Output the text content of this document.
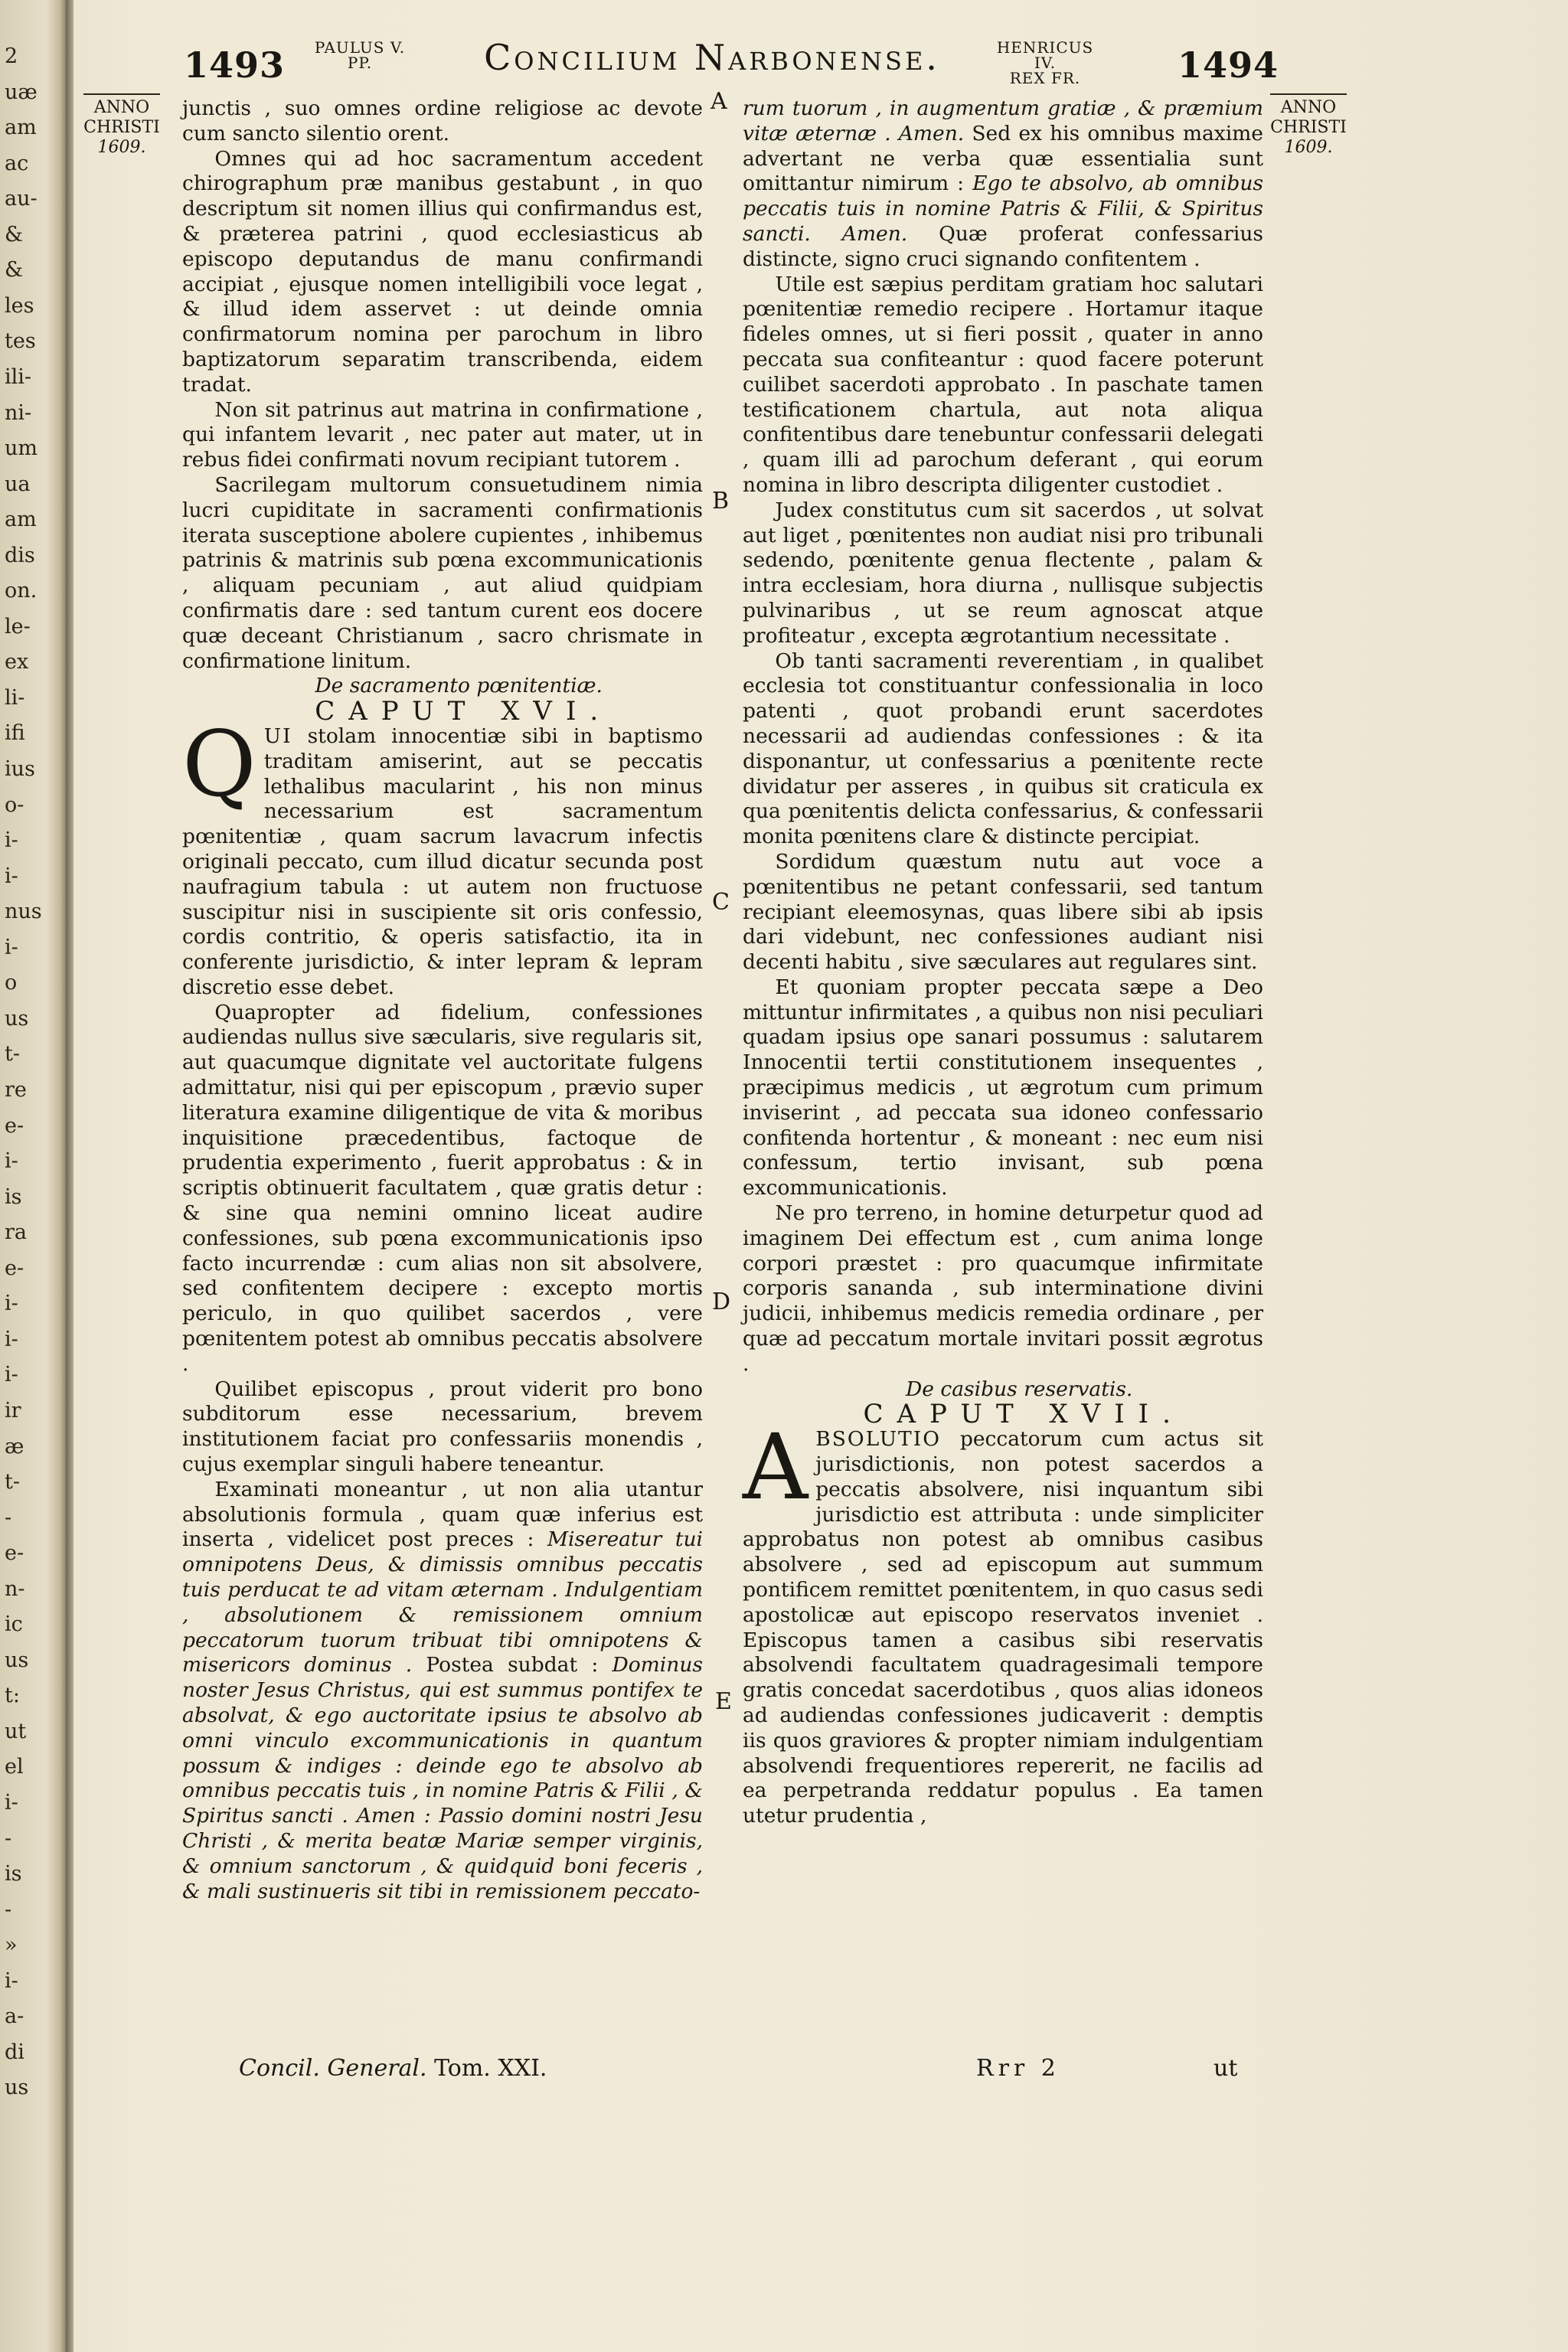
2
uæ
am
ac
au-
&
&
les
tes
ili-
ni-
um
ua
am
dis
on.
le-
ex
li-
ifi
ius
o-
i-
i-
nus
i-
o
us
t-
re
e-
i-
is
ra
e-
i-
i-
i-
ir
æ
t-
-
e-
n-
ic
us
t:
ut
el
i-
-
is
-
»
i-
a-
di
us
1493	PAULUS V.
PP.	Concilium Narbonense.	HENRICUS IV.
REX FR.	1494
ANNO
CHRISTI
1609.
ANNO
CHRISTI
1609.
A
B
C
D
E

junctis , suo omnes ordine religiose ac devote cum sancto silentio orent.

Omnes qui ad hoc sacramentum accedent chirographum præ manibus gestabunt , in quo descriptum sit nomen illius qui confirmandus est, & præterea patrini , quod ecclesiasticus ab episcopo deputandus de manu confirmandi accipiat , ejusque nomen intelligibili voce legat , & illud idem asservet : ut deinde omnia confirmatorum nomina per parochum in libro baptizatorum separatim transcribenda, eidem tradat.

Non sit patrinus aut matrina in confirmatione , qui infantem levarit , nec pater aut mater, ut in rebus fidei confirmati novum recipiant tutorem .

Sacrilegam multorum consuetudinem nimia lucri cupiditate in sacramenti confirmationis iterata susceptione abolere cupientes , inhibemus patrinis & matrinis sub pœna excommunicationis , aliquam pecuniam , aut aliud quidpiam confirmatis dare : sed tantum curent eos docere quæ deceant Christianum , sacro chrismate in confirmatione linitum.

De sacramento pœnitentiæ.

CAPUT XVI.

QUI stolam innocentiæ sibi in baptismo traditam amiserint, aut se peccatis lethalibus macularint , his non minus necessarium est sacramentum pœnitentiæ , quam sacrum lavacrum infectis originali peccato, cum illud dicatur secunda post naufragium tabula : ut autem non fructuose suscipitur nisi in suscipiente sit oris confessio, cordis contritio, & operis satisfactio, ita in conferente jurisdictio, & inter lepram & lepram discretio esse debet.

Quapropter ad fidelium, confessiones audiendas nullus sive sæcularis, sive regularis sit, aut quacumque dignitate vel auctoritate fulgens admittatur, nisi qui per episcopum , prævio super literatura examine diligentique de vita & moribus inquisitione præcedentibus, factoque de prudentia experimento , fuerit approbatus : & in scriptis obtinuerit facultatem , quæ gratis detur : & sine qua nemini omnino liceat audire confessiones, sub pœna excommunicationis ipso facto incurrendæ : cum alias non sit absolvere, sed confitentem decipere : excepto mortis periculo, in quo quilibet sacerdos , vere pœnitentem potest ab omnibus peccatis absolvere .

Quilibet episcopus , prout viderit pro bono subditorum esse necessarium, brevem institutionem faciat pro confessariis monendis , cujus exemplar singuli habere teneantur.

Examinati moneantur , ut non alia utantur absolutionis formula , quam quæ inferius est inserta , videlicet post preces : Misereatur tui omnipotens Deus, & dimissis omnibus peccatis tuis perducat te ad vitam æternam . Indulgentiam , absolutionem & remissionem omnium peccatorum tuorum tribuat tibi omnipotens & misericors dominus . Postea subdat : Dominus noster Jesus Christus, qui est summus pontifex te absolvat, & ego auctoritate ipsius te absolvo ab omni vinculo excommunicationis in quantum possum & indiges : deinde ego te absolvo ab omnibus peccatis tuis , in nomine Patris & Filii , & Spiritus sancti . Amen : Passio domini nostri Jesu Christi , & merita beatæ Mariæ semper virginis, & omnium sanctorum , & quidquid boni feceris , & mali sustinueris sit tibi in remissionem peccato-

rum tuorum , in augmentum gratiæ , & præmium vitæ æternæ . Amen. Sed ex his omnibus maxime advertant ne verba quæ essentialia sunt omittantur nimirum : Ego te absolvo, ab omnibus peccatis tuis in nomine Patris & Filii, & Spiritus sancti. Amen. Quæ proferat confessarius distincte, signo cruci signando confitentem .

Utile est sæpius perditam gratiam hoc salutari pœnitentiæ remedio recipere . Hortamur itaque fideles omnes, ut si fieri possit , quater in anno peccata sua confiteantur : quod facere poterunt cuilibet sacerdoti approbato . In paschate tamen testificationem chartula, aut nota aliqua confitentibus dare tenebuntur confessarii delegati , quam illi ad parochum deferant , qui eorum nomina in libro descripta diligenter custodiet .

Judex constitutus cum sit sacerdos , ut solvat aut liget , pœnitentes non audiat nisi pro tribunali sedendo, pœnitente genua flectente , palam & intra ecclesiam, hora diurna , nullisque subjectis pulvinaribus , ut se reum agnoscat atque profiteatur , excepta ægrotantium necessitate .

Ob tanti sacramenti reverentiam , in qualibet ecclesia tot constituantur confessionalia in loco patenti , quot probandi erunt sacerdotes necessarii ad audiendas confessiones : & ita disponantur, ut confessarius a pœnitente recte dividatur per asseres , in quibus sit craticula ex qua pœnitentis delicta confessarius, & confessarii monita pœnitens clare & distincte percipiat.

Sordidum quæstum nutu aut voce a pœnitentibus ne petant confessarii, sed tantum recipiant eleemosynas, quas libere sibi ab ipsis dari videbunt, nec confessiones audiant nisi decenti habitu , sive sæculares aut regulares sint.

Et quoniam propter peccata sæpe a Deo mittuntur infirmitates , a quibus non nisi peculiari quadam ipsius ope sanari possumus : salutarem Innocentii tertii constitutionem insequentes , præcipimus medicis , ut ægrotum cum primum inviserint , ad peccata sua idoneo confessario confitenda hortentur , & moneant : nec eum nisi confessum, tertio invisant, sub pœna excommunicationis.

Ne pro terreno, in homine deturpetur quod ad imaginem Dei effectum est , cum anima longe corpori præstet : pro quacumque infirmitate corporis sananda , sub interminatione divini judicii, inhibemus medicis remedia ordinare , per quæ ad peccatum mortale invitari possit ægrotus .

De casibus reservatis.

CAPUT XVII.

ABSOLUTIO peccatorum cum actus sit jurisdictionis, non potest sacerdos a peccatis absolvere, nisi inquantum sibi jurisdictio est attributa : unde simpliciter approbatus non potest ab omnibus casibus absolvere , sed ad episcopum aut summum pontificem remittet pœnitentem, in quo casus sedi apostolicæ aut episcopo reservatos inveniet . Episcopus tamen a casibus sibi reservatis absolvendi facultatem quadragesimali tempore gratis concedat sacerdotibus , quos alias idoneos ad audiendas confessiones judicaverit : demptis iis quos graviores & propter nimiam indulgentiam absolvendi frequentiores repererit, ne facilis ad ea perpetranda reddatur populus . Ea tamen utetur prudentia ,

Concil. General. Tom. XXI.	Rrr 2	ut
